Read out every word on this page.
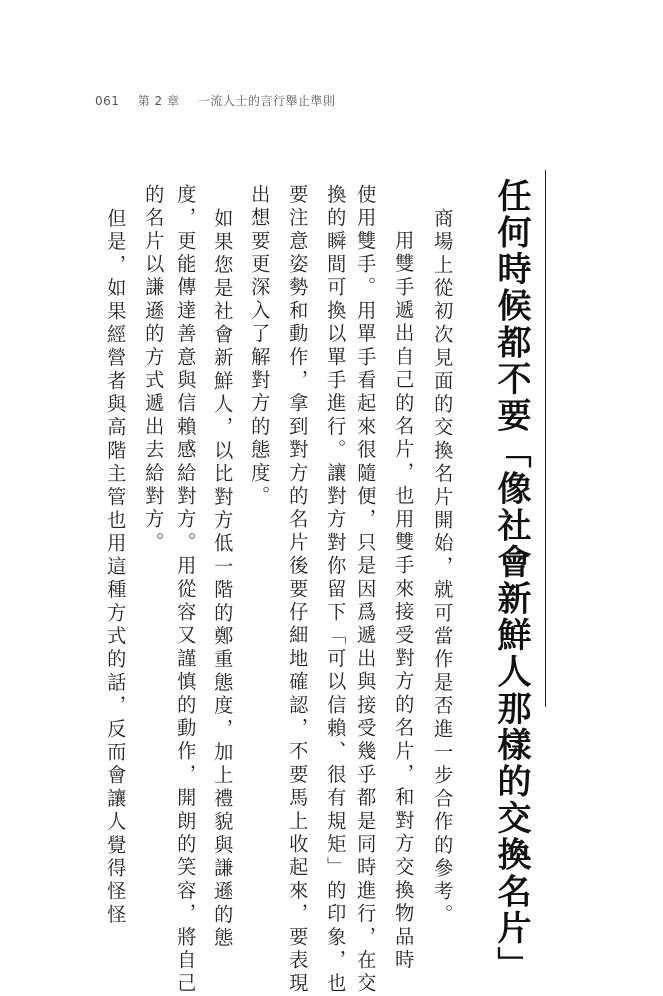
061 第 2 章 一流人士的言行舉止準則
任何時候都不要「像社會新鮮人那樣的交換名片」
商場上從初次見面的交換名片開始，就可當作是否進一步合作的參考。
用雙手遞出自己的名片，也用雙手來接受對方的名片，和對方交換物品時
使用雙手。用單手看起來很隨便，只是因爲遞出與接受幾乎都是同時進行，在交
換的瞬間可換以單手進行。讓對方對你留下「可以信賴、很有規矩」的印象，也
要注意姿勢和動作，拿到對方的名片後要仔細地確認，不要馬上收起來，要表現
出想要更深入了解對方的態度。
如果您是社會新鮮人，以比對方低一階的鄭重態度，加上禮貌與謙遜的態
度，更能傳達善意與信賴感給對方。用從容又謹慎的動作，開朗的笑容，將自己
的名片以謙遜的方式遞出去給對方。
但是，如果經營者與高階主管也用這種方式的話，反而會讓人覺得怪怪
